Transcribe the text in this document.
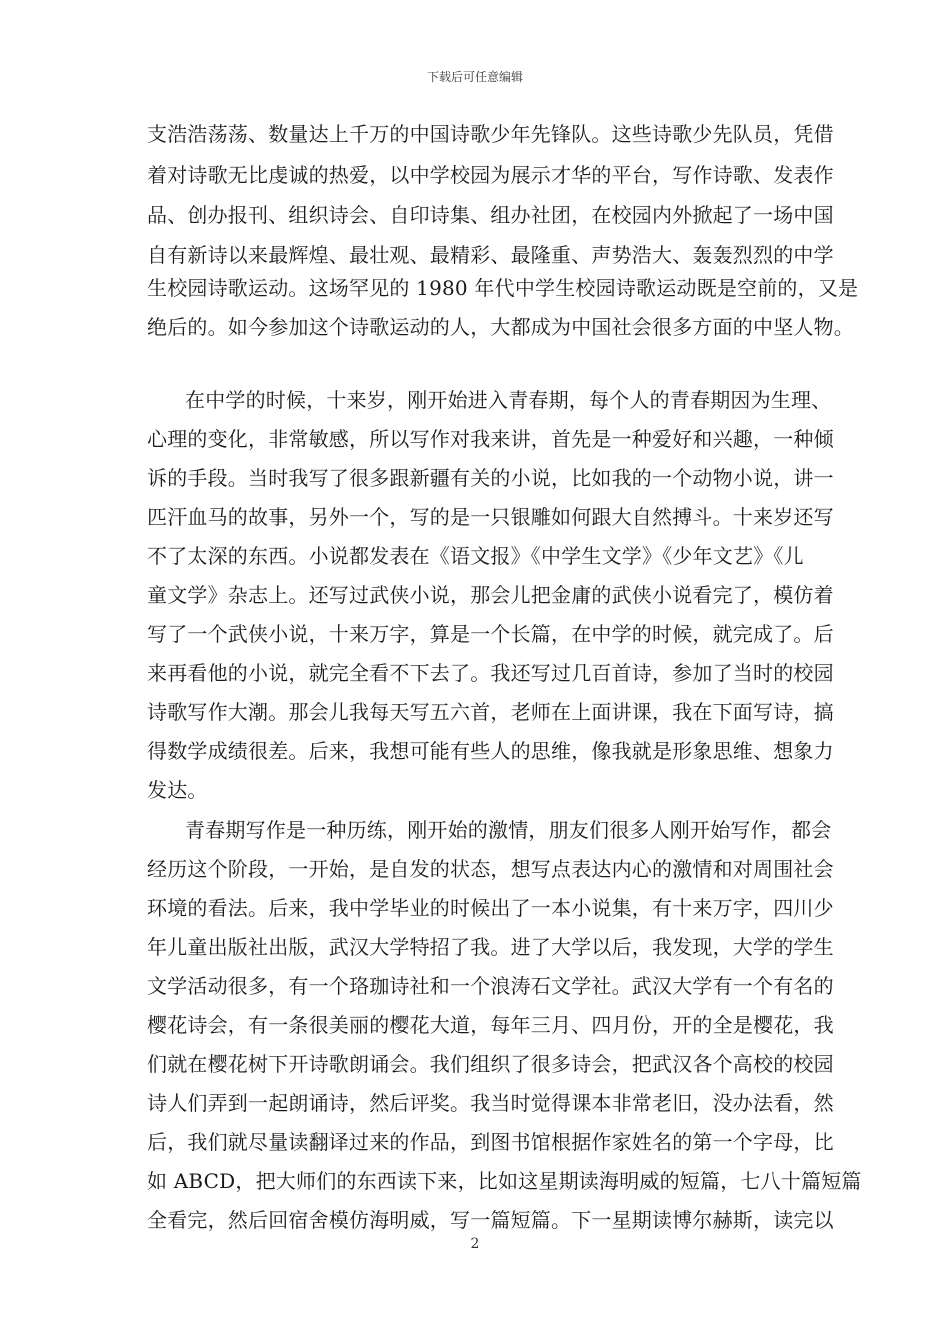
下载后可任意编辑
支浩浩荡荡、数量达上千万的中国诗歌少年先锋队。这些诗歌少先队员，凭借
着对诗歌无比虔诚的热爱，以中学校园为展示才华的平台，写作诗歌、发表作
品、创办报刊、组织诗会、自印诗集、组办社团，在校园内外掀起了一场中国
自有新诗以来最辉煌、最壮观、最精彩、最隆重、声势浩大、轰轰烈烈的中学
生校园诗歌运动。这场罕见的 1980 年代中学生校园诗歌运动既是空前的，又是
绝后的。如今参加这个诗歌运动的人，大都成为中国社会很多方面的中坚人物。
在中学的时候，十来岁，刚开始进入青春期，每个人的青春期因为生理、
心理的变化，非常敏感，所以写作对我来讲，首先是一种爱好和兴趣，一种倾
诉的手段。当时我写了很多跟新疆有关的小说，比如我的一个动物小说，讲一
匹汗血马的故事，另外一个，写的是一只银雕如何跟大自然搏斗。十来岁还写
不了太深的东西。小说都发表在《语文报》《中学生文学》《少年文艺》《儿
童文学》杂志上。还写过武侠小说，那会儿把金庸的武侠小说看完了，模仿着
写了一个武侠小说，十来万字，算是一个长篇，在中学的时候，就完成了。后
来再看他的小说，就完全看不下去了。我还写过几百首诗，参加了当时的校园
诗歌写作大潮。那会儿我每天写五六首，老师在上面讲课，我在下面写诗，搞
得数学成绩很差。后来，我想可能有些人的思维，像我就是形象思维、想象力
发达。
青春期写作是一种历练，刚开始的激情，朋友们很多人刚开始写作，都会
经历这个阶段，一开始，是自发的状态，想写点表达内心的激情和对周围社会
环境的看法。后来，我中学毕业的时候出了一本小说集，有十来万字，四川少
年儿童出版社出版，武汉大学特招了我。进了大学以后，我发现，大学的学生
文学活动很多，有一个珞珈诗社和一个浪涛石文学社。武汉大学有一个有名的
樱花诗会，有一条很美丽的樱花大道，每年三月、四月份，开的全是樱花，我
们就在樱花树下开诗歌朗诵会。我们组织了很多诗会，把武汉各个高校的校园
诗人们弄到一起朗诵诗，然后评奖。我当时觉得课本非常老旧，没办法看，然
后，我们就尽量读翻译过来的作品，到图书馆根据作家姓名的第一个字母，比
如 ABCD，把大师们的东西读下来，比如这星期读海明威的短篇，七八十篇短篇
全看完，然后回宿舍模仿海明威，写一篇短篇。下一星期读博尔赫斯，读完以
2
